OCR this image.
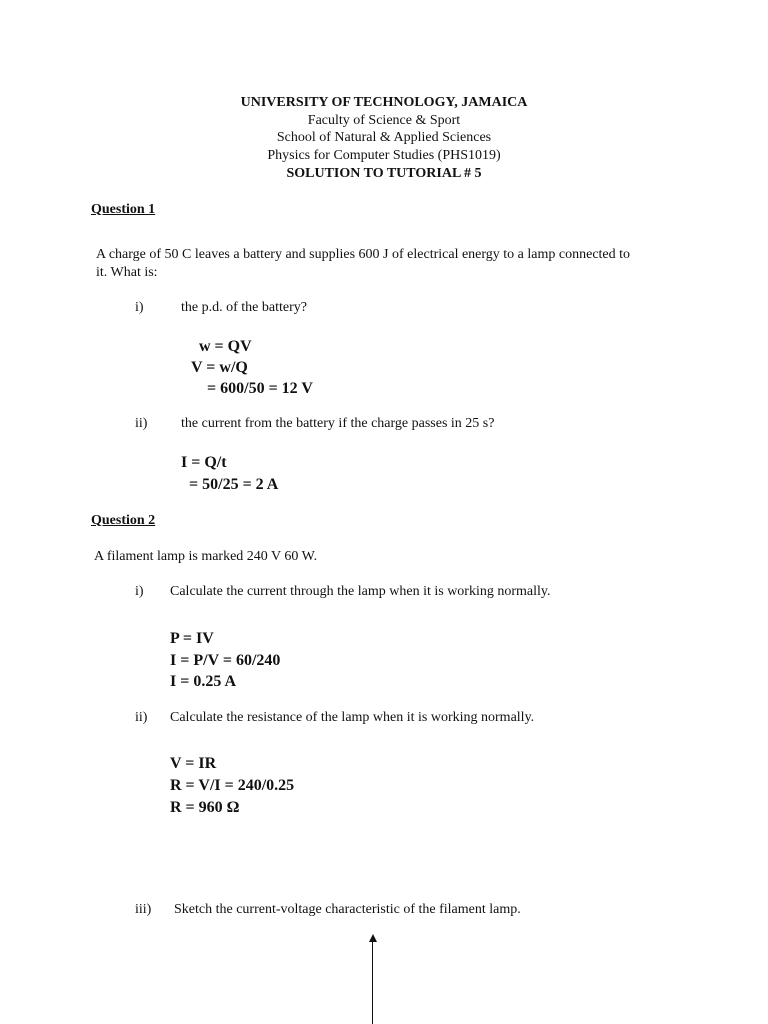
UNIVERSITY OF TECHNOLOGY, JAMAICA
Faculty of Science & Sport
School of Natural & Applied Sciences
Physics for Computer Studies (PHS1019)
SOLUTION TO TUTORIAL # 5
Question 1
A charge of 50 C leaves a battery and supplies 600 J of electrical energy to a lamp connected to
it. What is:
i)	the p.d. of the battery?
w = QV
V = w/Q
= 600/50 = 12 V
ii) the current from the battery if the charge passes in 25 s?
I = Q/t
= 50/25 = 2 A
Question 2
A filament lamp is marked 240 V 60 W.
i) Calculate the current through the lamp when it is working normally.
P = IV
I = P/V = 60/240
I = 0.25 A
ii) Calculate the resistance of the lamp when it is working normally.
V = IR
R = V/I = 240/0.25
R = 960 Ω
iii) Sketch the current-voltage characteristic of the filament lamp.
